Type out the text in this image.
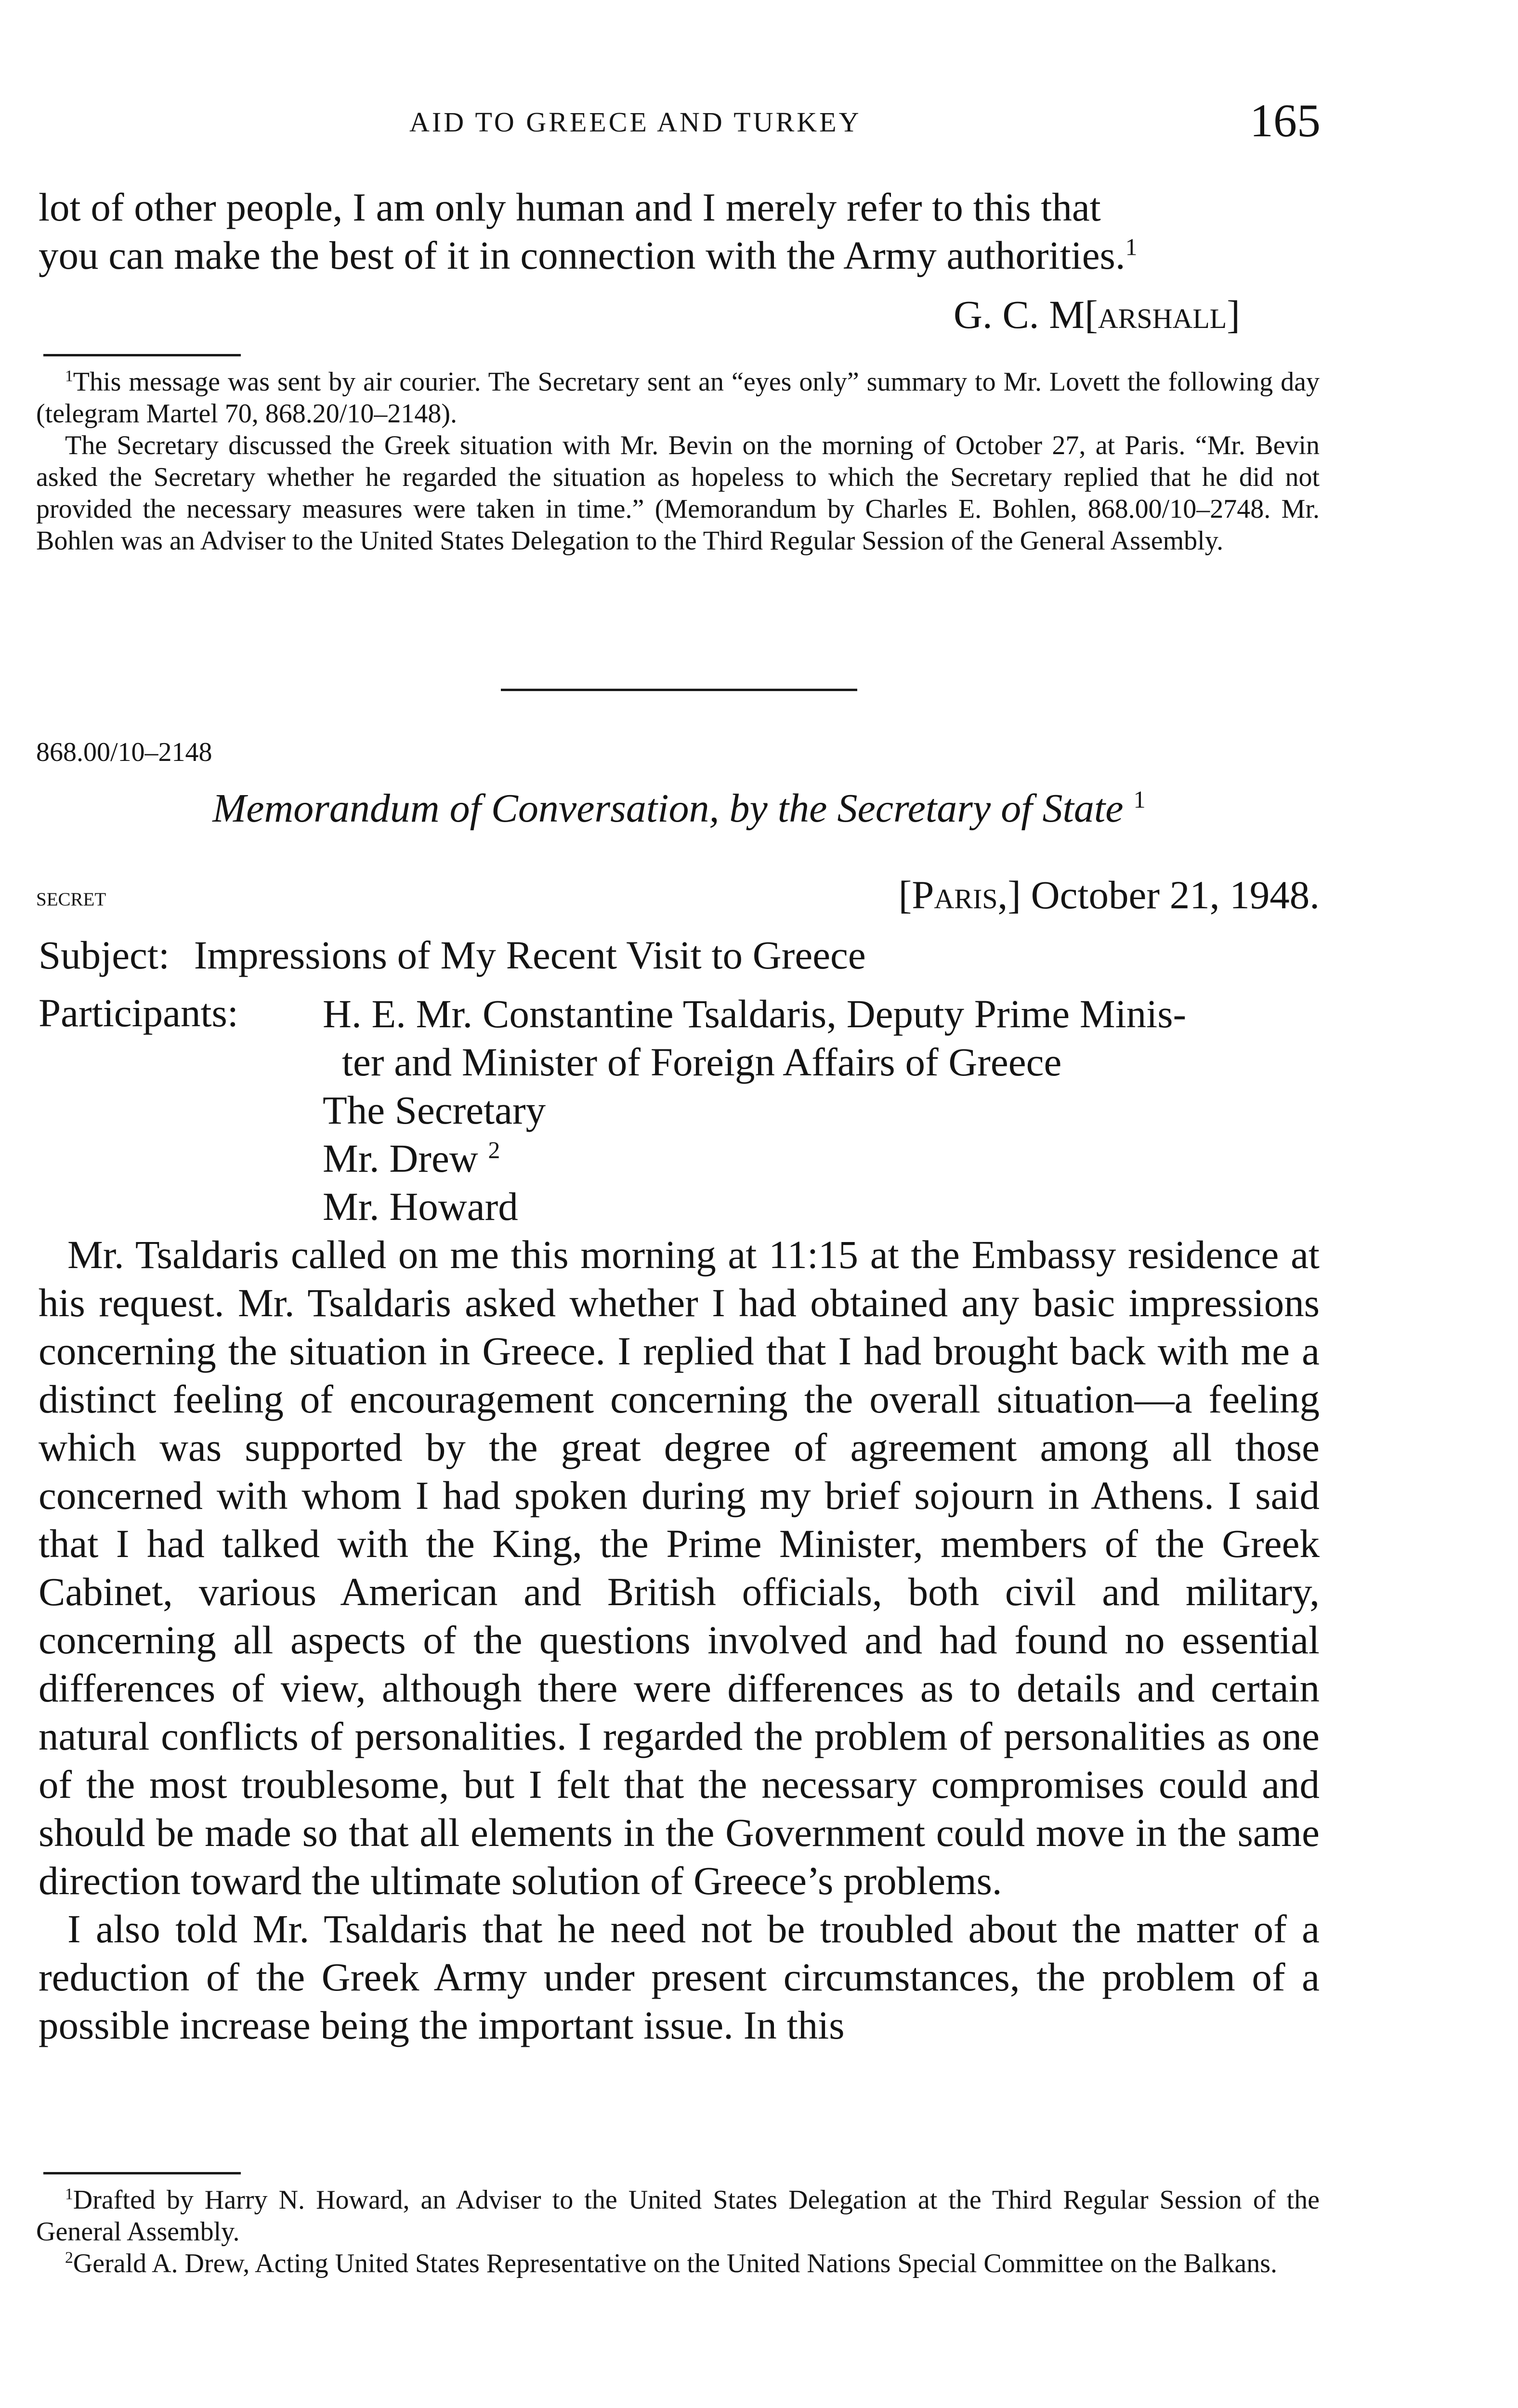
AID TO GREECE AND TURKEY	165
lot of other people, I am only human and I merely refer to this that
you can make the best of it in connection with the Army authorities.$^1$
G. C. M[arshall]

$^1$This message was sent by air courier. The Secretary sent an “eyes only” summary to Mr. Lovett the following day (telegram Martel 70, 868.20/10–2148).

The Secretary discussed the Greek situation with Mr. Bevin on the morning of October 27, at Paris. “Mr. Bevin asked the Secretary whether he regarded the situation as hopeless to which the Secretary replied that he did not provided the necessary measures were taken in time.” (Memorandum by Charles E. Bohlen, 868.00/10–2748. Mr. Bohlen was an Adviser to the United States Delegation to the Third Regular Session of the General Assembly.

868.00/10–2148
Memorandum of Conversation, by the Secretary of State $^1$
secret	[Paris,] October 21, 1948.
Subject: Impressions of My Recent Visit to Greece
Participants: H. E. Mr. Constantine Tsaldaris, Deputy Prime Minis-
ter and Minister of Foreign Affairs of Greece
The Secretary
Mr. Drew $^2$
Mr. Howard

Mr. Tsaldaris called on me this morning at 11:15 at the Embassy residence at his request. Mr. Tsaldaris asked whether I had obtained any basic impressions concerning the situation in Greece. I replied that I had brought back with me a distinct feeling of encouragement concerning the overall situation—a feeling which was supported by the great degree of agreement among all those concerned with whom I had spoken during my brief sojourn in Athens. I said that I had talked with the King, the Prime Minister, members of the Greek Cabinet, various American and British officials, both civil and military, concerning all aspects of the questions involved and had found no essential differences of view, although there were differences as to details and certain natural conflicts of personalities. I regarded the problem of personalities as one of the most troublesome, but I felt that the necessary compromises could and should be made so that all elements in the Government could move in the same direction toward the ultimate solution of Greece’s problems.

I also told Mr. Tsaldaris that he need not be troubled about the matter of a reduction of the Greek Army under present circumstances, the problem of a possible increase being the important issue. In this

$^1$Drafted by Harry N. Howard, an Adviser to the United States Delegation at the Third Regular Session of the General Assembly.

$^2$Gerald A. Drew, Acting United States Representative on the United Nations Special Committee on the Balkans.
